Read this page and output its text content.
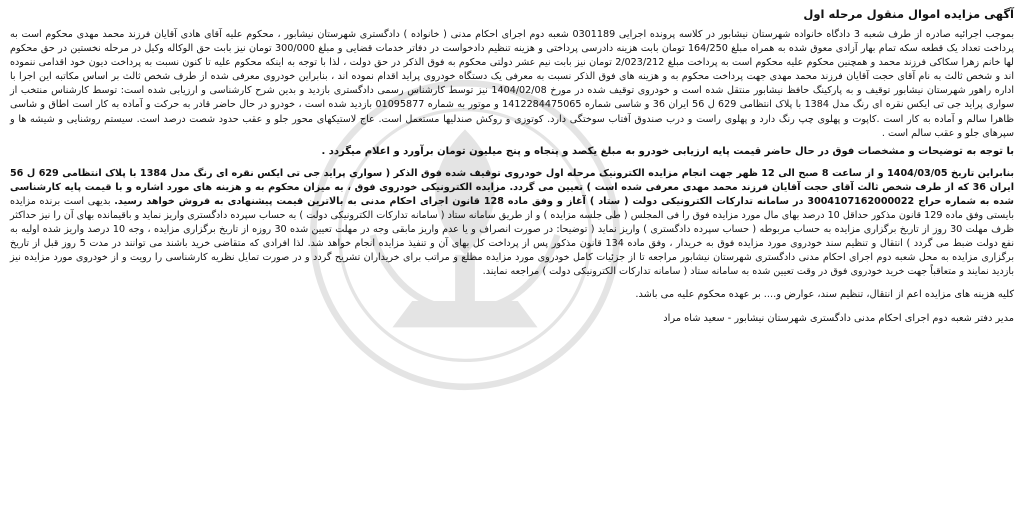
آگهی مزایده اموال منقول مرحله اول

بموجب اجرائیه صادره از طرف شعبه 3 دادگاه خانواده شهرستان نیشابور در کلاسه پرونده اجرایی 0301189 شعبه دوم اجرای احکام مدنی ( خانواده ) دادگستری شهرستان نیشابور ، محکوم علیه آقای هادی آقایان فرزند محمد مهدی محکوم است به پرداخت تعداد یک قطعه سکه تمام بهار آزادی معوق شده به همراه مبلغ 164/250 تومان بابت هزینه دادرسی پرداختی و هزینه تنظیم دادخواست در دفاتر خدمات قضایی و مبلغ 300/000 تومان نیز بابت حق الوکاله وکیل در مرحله نخستین در حق محکوم لها خانم زهرا سکاکی فرزند محمد و همچنین محکوم علیه محکوم است به پرداخت مبلغ 2/023/212 تومان نیز بابت نیم عشر دولتی محکوم به فوق الذکر در حق دولت ، لذا با توجه به اینکه محکوم علیه تا کنون نسبت به پرداخت دیون خود اقدامی ننموده اند و شخص ثالث به نام آقای حجت آقایان فرزند محمد مهدی جهت پرداخت محکوم به و هزینه های فوق الذکر نسبت به معرفی یک دستگاه خودروی پراید اقدام نموده اند ، بنابراین خودروی معرفی شده از طرف شخص ثالث بر اساس مکاتبه این اجرا با اداره راهور شهرستان نیشابور توقیف و به پارکینگ حافظ نیشابور منتقل شده است و خودروی توقیف شده در مورخ 1404/02/08 نیز توسط کارشناس رسمی دادگستری بازدید و بدین شرح کارشناسی و ارزیابی شده است: توسط کارشناس منتخب از سواری پراید جی تی ایکس نقره ای رنگ مدل 1384 با پلاک انتظامی 629 ل 56 ایران 36 و شاسی شماره 1412284475065 و موتور به شماره 01095877 بازدید شده است ، خودرو در حال حاضر قادر به حرکت و آماده به کار است اطاق و شاسی ظاهرا سالم و آماده به کار است .کاپوت و پهلوی چپ رنگ دارد و پهلوی راست و درب صندوق آفتاب سوختگی دارد. کوتوزی و روکش صندلیها مستعمل است. عاج لاستیکهای محور جلو و عقب حدود شصت درصد است. سیستم روشنایی و شیشه ها و سپرهای جلو و عقب سالم است .

با توجه به توضیحات و مشخصات فوق در حال حاضر قیمت پایه ارزیابی خودرو به مبلغ یکصد و پنجاه و پنج میلیون تومان برآورد و اعلام میگردد .

بنابراین تاریخ 1404/03/05 و از ساعت 8 صبح الی 12 ظهر جهت انجام مزایده الکترونیک مرحله اول خودروی توقیف شده فوق الذکر ( سواری پراید جی تی ایکس نقره ای رنگ مدل 1384 با پلاک انتظامی 629 ل 56 ایران 36 که از طرف شخص ثالث آقای حجت آقایان فرزند محمد مهدی معرفی شده است ) تعیین می گردد. مزایده الکترونیکی خودروی فوق ، به میزان محکوم به و هزینه های مورد اشاره و با قیمت پایه کارشناسی شده به شماره حراج 3004107162000022 در سامانه تدارکات الکترونیکی دولت ( ستاد ) آغاز و وفق ماده 128 قانون اجرای احکام مدنی به بالاترین قیمت پیشنهادی به فروش خواهد رسید. بدیهی است برنده مزایده بایستی وفق ماده 129 قانون مذکور حداقل 10 درصد بهای مال مورد مزایده فوق را فی المجلس ( طی جلسه مزایده ) و از طریق سامانه ستاد ( سامانه تدارکات الکترونیکی دولت ) به حساب سپرده دادگستری واریز نماید و باقیمانده بهای آن را نیز حداکثر ظرف مهلت 30 روز از تاریخ برگزاری مزایده به حساب مربوطه ( حساب سپرده دادگستری ) واریز نماید ( توضیحا: در صورت انصراف و یا عدم واریز مابقی وجه در مهلت تعیین شده 30 روزه از تاریخ برگزاری مزایده ، وجه 10 درصد واریز شده اولیه به نفع دولت ضبط می گردد ) انتقال و تنظیم سند خودروی مورد مزایده فوق به خریدار ، وفق ماده 134 قانون مذکور پس از پرداخت کل بهای آن و تنفیذ مزایده انجام خواهد شد. لذا افرادی که متقاضی خرید باشند می توانند در مدت 5 روز قبل از تاریخ برگزاری مزایده به محل شعبه دوم اجرای احکام مدنی دادگستری شهرستان نیشابور مراجعه تا از جزئیات کامل خودروی مورد مزایده مطلع و مراتب برای خریداران تشریح گردد و در صورت تمایل نظریه کارشناسی را رویت و از خودروی مورد مزایده نیز بازدید نمایند و متعاقباً جهت خرید خودروی فوق در وقت تعیین شده به سامانه ستاد ( سامانه تدارکات الکترونیکی دولت ) مراجعه نمایند.

کلیه هزینه های مزایده اعم از انتقال، تنظیم سند، عوارض و.... بر عهده محکوم علیه می باشد.
مدیر دفتر شعبه دوم اجرای احکام مدنی دادگستری شهرستان نیشابور - سعید شاه مراد
